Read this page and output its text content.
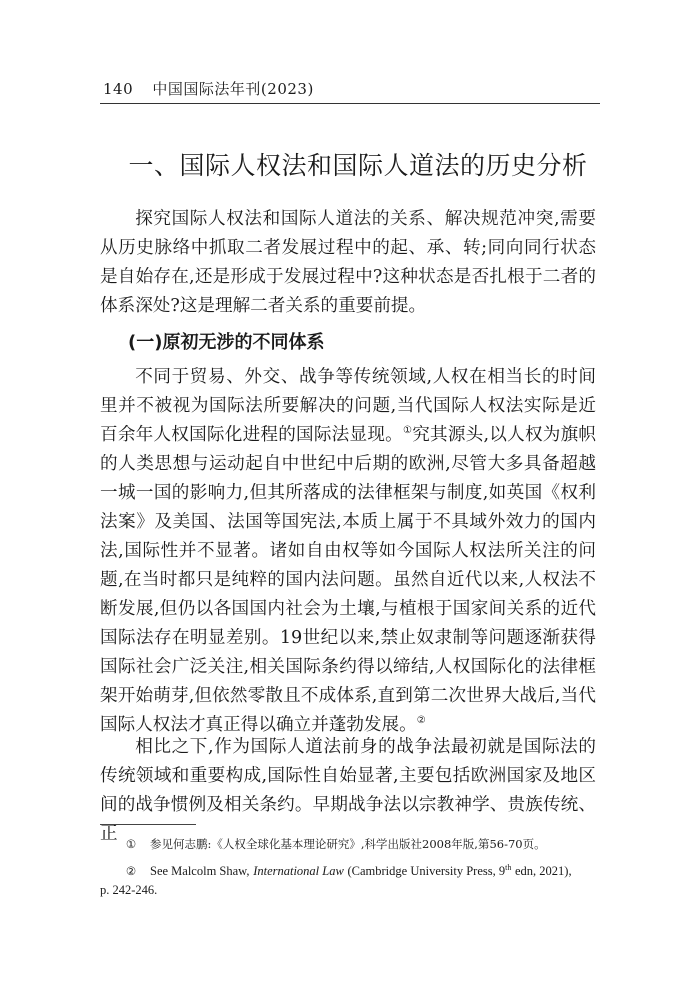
140 中国国际法年刊(2023)
一、国际人权法和国际人道法的历史分析

探究国际人权法和国际人道法的关系、解决规范冲突,需要从历史脉络中抓取二者发展过程中的起、承、转;同向同行状态是自始存在,还是形成于发展过程中?这种状态是否扎根于二者的体系深处?这是理解二者关系的重要前提。

(一)原初无涉的不同体系

不同于贸易、外交、战争等传统领域,人权在相当长的时间里并不被视为国际法所要解决的问题,当代国际人权法实际是近百余年人权国际化进程的国际法显现。①究其源头,以人权为旗帜的人类思想与运动起自中世纪中后期的欧洲,尽管大多具备超越一城一国的影响力,但其所落成的法律框架与制度,如英国《权利法案》及美国、法国等国宪法,本质上属于不具域外效力的国内法,国际性并不显著。诸如自由权等如今国际人权法所关注的问题,在当时都只是纯粹的国内法问题。虽然自近代以来,人权法不断发展,但仍以各国国内社会为土壤,与植根于国家间关系的近代国际法存在明显差别。19世纪以来,禁止奴隶制等问题逐渐获得国际社会广泛关注,相关国际条约得以缔结,人权国际化的法律框架开始萌芽,但依然零散且不成体系,直到第二次世界大战后,当代国际人权法才真正得以确立并蓬勃发展。②

相比之下,作为国际人道法前身的战争法最初就是国际法的传统领域和重要构成,国际性自始显著,主要包括欧洲国家及地区间的战争惯例及相关条约。早期战争法以宗教神学、贵族传统、正 ① 参见何志鹏:《人权全球化基本理论研究》,科学出版社2008年版,第56-70页。

② See Malcolm Shaw, International Law (Cambridge University Press, 9th edn, 2021),
p. 242-246.
